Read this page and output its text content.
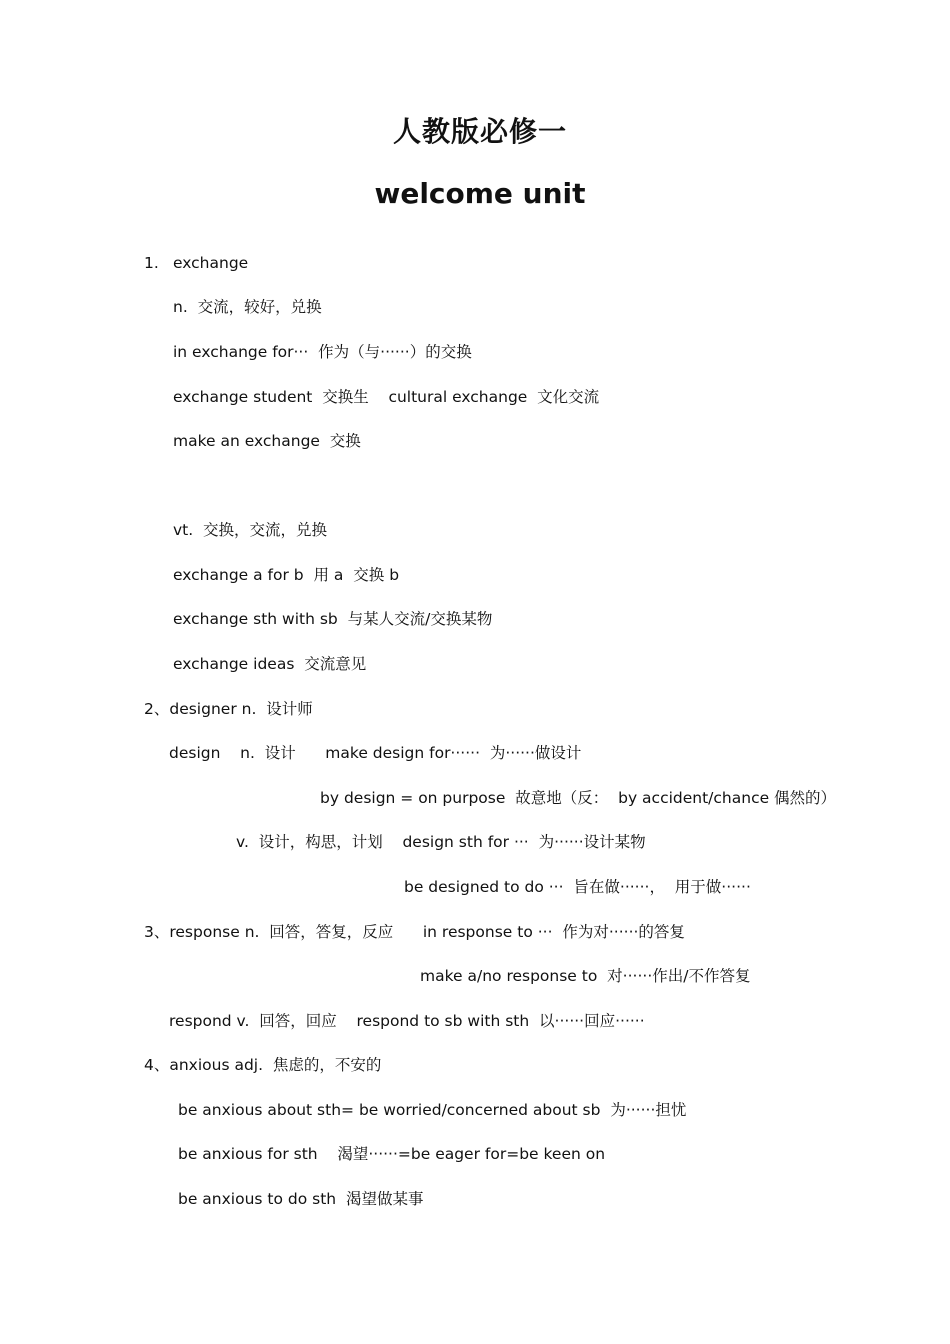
人教版必修一
welcome unit
1. exchange
n.  交流，较好，兑换
in exchange for···  作为（与······）的交换
exchange student  交换生    cultural exchange  文化交流
make an exchange  交换
vt.  交换，交流，兑换
exchange a for b  用 a  交换 b
exchange sth with sb  与某人交流/交换某物
exchange ideas  交流意见
2、designer n.  设计师
design    n.  设计      make design for······  为······做设计
by design = on purpose  故意地（反：  by accident/chance 偶然的）
v.  设计，构思，计划    design sth for ···  为······设计某物
be designed to do ···  旨在做······，  用于做······
3、response n.  回答，答复，反应      in response to ···  作为对······的答复
make a/no response to  对······作出/不作答复
respond v.  回答，回应    respond to sb with sth  以······回应······
4、anxious adj.  焦虑的，不安的
be anxious about sth= be worried/concerned about sb  为······担忧
be anxious for sth    渴望······=be eager for=be keen on
be anxious to do sth  渴望做某事
